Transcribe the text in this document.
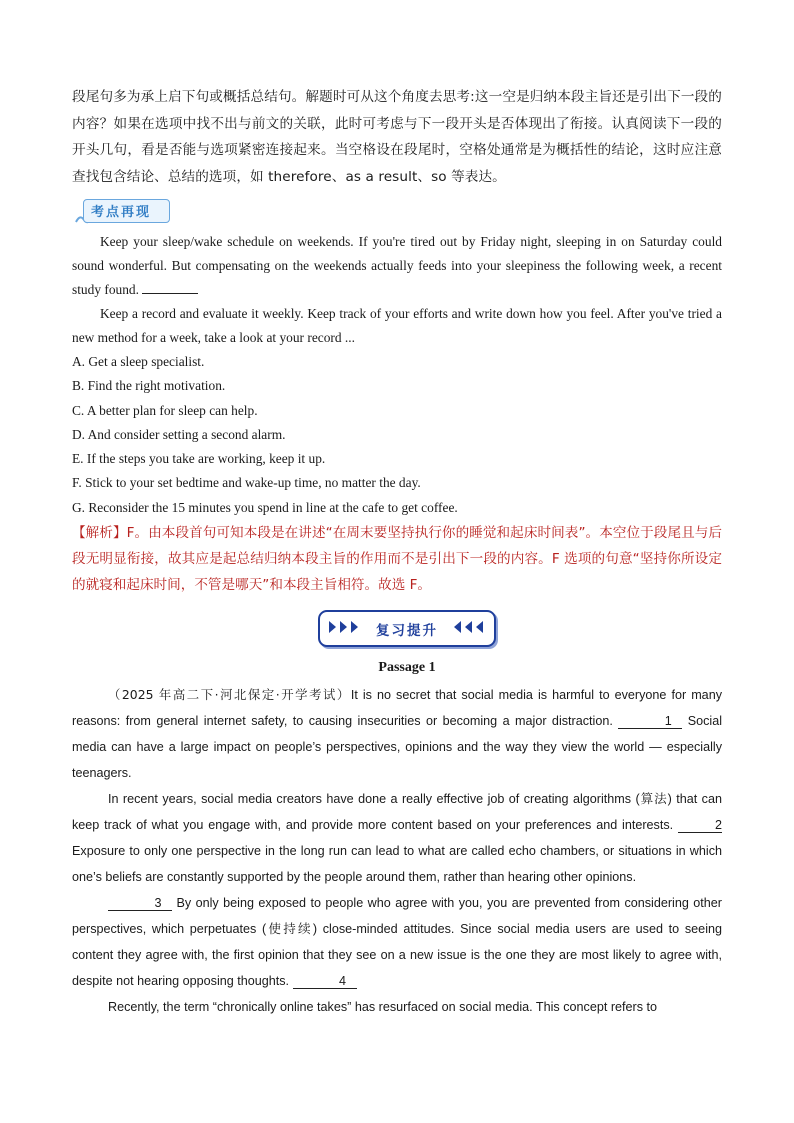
段尾句多为承上启下句或概括总结句。解题时可从这个角度去思考:这一空是归纳本段主旨还是引出下一段的内容？如果在选项中找不出与前文的关联，此时可考虑与下一段开头是否体现出了衔接。认真阅读下一段的开头几句，看是否能与选项紧密连接起来。当空格设在段尾时，空格处通常是为概括性的结论，这时应注意查找包含结论、总结的选项，如 therefore、as a result、so 等表达。

考点再现

Keep your sleep/wake schedule on weekends. If you're tired out by Friday night, sleeping in on Saturday could sound wonderful. But compensating on the weekends actually feeds into your sleepiness the following week, a recent study found.

Keep a record and evaluate it weekly. Keep track of your efforts and write down how you feel. After you've tried a new method for a week, take a look at your record ...

A. Get a sleep specialist.
B. Find the right motivation.
C. A better plan for sleep can help.
D. And consider setting a second alarm.
E. If the steps you take are working, keep it up.
F. Stick to your set bedtime and wake-up time, no matter the day.
G. Reconsider the 15 minutes you spend in line at the cafe to get coffee.

【解析】F。由本段首句可知本段是在讲述“在周末要坚持执行你的睡觉和起床时间表”。本空位于段尾且与后段无明显衔接，故其应是起总结归纳本段主旨的作用而不是引出下一段的内容。F 选项的句意“坚持你所设定的就寝和起床时间，不管是哪天”和本段主旨相符。故选 F。

复习提升
Passage 1

（2025 年高二下·河北保定·开学考试）It is no secret that social media is harmful to everyone for many reasons: from general internet safety, to causing insecurities or becoming a major distraction.	1 Social media can have a large impact on people’s perspectives, opinions and the way they view the world — especially teenagers.

In recent years, social media creators have done a really effective job of creating algorithms (算法) that can keep track of what you engage with, and provide more content based on your preferences and interests.	2 Exposure to only one perspective in the long run can lead to what are called echo chambers, or situations in which one’s beliefs are constantly supported by the people around them, rather than hearing other opinions.

3 By only being exposed to people who agree with you, you are prevented from considering other perspectives, which perpetuates (使持续) close-minded attitudes. Since social media users are used to seeing content they agree with, the first opinion that they see on a new issue is the one they are most likely to agree with, despite not hearing opposing thoughts.	4

Recently, the term “chronically online takes” has resurfaced on social media. This concept refers to
